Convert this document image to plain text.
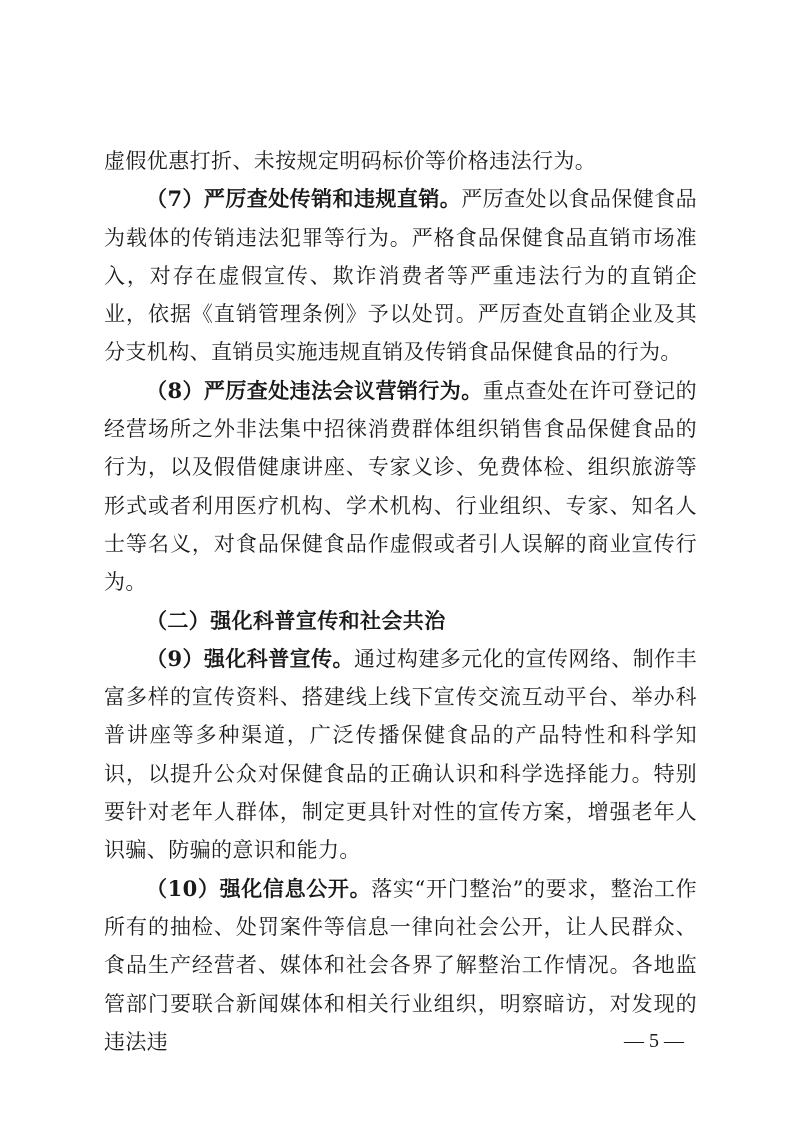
虚假优惠打折、未按规定明码标价等价格违法行为。

（7）严厉查处传销和违规直销。严厉查处以食品保健食品为载体的传销违法犯罪等行为。严格食品保健食品直销市场准入，对存在虚假宣传、欺诈消费者等严重违法行为的直销企业，依据《直销管理条例》予以处罚。严厉查处直销企业及其分支机构、直销员实施违规直销及传销食品保健食品的行为。

（8）严厉查处违法会议营销行为。重点查处在许可登记的经营场所之外非法集中招徕消费群体组织销售食品保健食品的行为，以及假借健康讲座、专家义诊、免费体检、组织旅游等形式或者利用医疗机构、学术机构、行业组织、专家、知名人士等名义，对食品保健食品作虚假或者引人误解的商业宣传行为。

（二）强化科普宣传和社会共治

（9）强化科普宣传。通过构建多元化的宣传网络、制作丰富多样的宣传资料、搭建线上线下宣传交流互动平台、举办科普讲座等多种渠道，广泛传播保健食品的产品特性和科学知识，以提升公众对保健食品的正确认识和科学选择能力。特别要针对老年人群体，制定更具针对性的宣传方案，增强老年人识骗、防骗的意识和能力。

（10）强化信息公开。落实“开门整治”的要求，整治工作所有的抽检、处罚案件等信息一律向社会公开，让人民群众、食品生产经营者、媒体和社会各界了解整治工作情况。各地监管部门要联合新闻媒体和相关行业组织，明察暗访，对发现的违法违	— 5 —
